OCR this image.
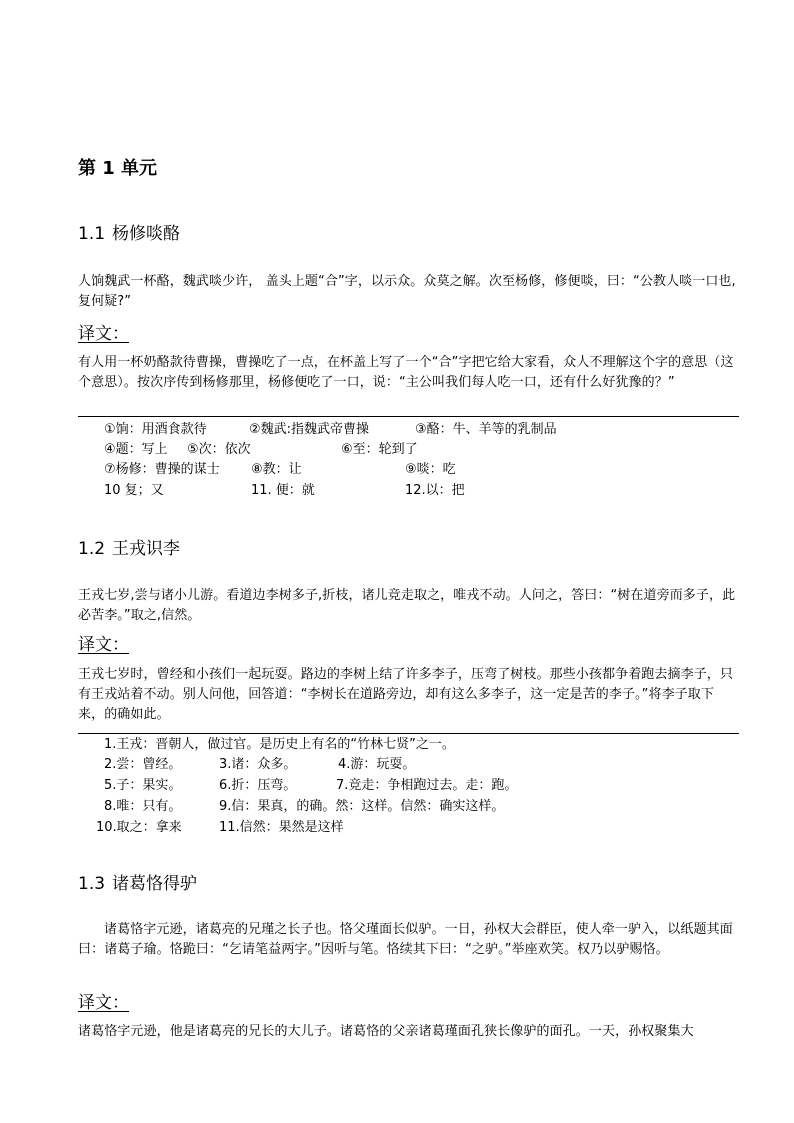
第 1 单元
1.1 杨修啖酪

人饷魏武一杯酪，魏武啖少许， 盖头上题“合”字，以示众。众莫之解。次至杨修，修便啖，曰：“公教人啖一口也,复何疑?”

译文：

有人用一杯奶酪款待曹操，曹操吃了一点，在杯盖上写了一个“合”字把它给大家看，众人不理解这个字的意思（这个意思）。按次序传到杨修那里，杨修便吃了一口，说：“主公叫我们每人吃一口，还有什么好犹豫的？”

①饷：用酒食款待	②魏武:指魏武帝曹操	③酪：牛、羊等的乳制品
④题：写上 ⑤次：依次	⑥至：轮到了
⑦杨修：曹操的谋士 ⑧教：让	⑨啖：吃
10 复；又	11. 便：就	12.以：把
1.2 王戎识李

王戎七岁,尝与诸小儿游。看道边李树多子,折枝，诸儿竞走取之，唯戎不动。人问之，答曰：“树在道旁而多子，此必苦李。”取之,信然。

译文：

王戎七岁时，曾经和小孩们一起玩耍。路边的李树上结了许多李子，压弯了树枝。那些小孩都争着跑去摘李子，只有王戎站着不动。别人问他，回答道：“李树长在道路旁边，却有这么多李子，这一定是苦的李子。”将李子取下来，的确如此。

1.王戎：晋朝人，做过官。是历史上有名的“竹林七贤”之一。
2.尝：曾经。	3.诸：众多。	4.游：玩耍。
5.子：果实。	6.折：压弯。	7.竞走：争相跑过去。走：跑。
8.唯：只有。	9.信：果真，的确。然：这样。信然：确实这样。
10.取之：拿来	11.信然：果然是这样
1.3 诸葛恪得驴

诸葛恪字元逊，诸葛亮的兄瑾之长子也。恪父瑾面长似驴。一日，孙权大会群臣，使人牵一驴入，以纸题其面曰：诸葛子瑜。恪跪曰：“乞请笔益两字。”因听与笔。恪续其下曰：“之驴。”举座欢笑。权乃以驴赐恪。

译文：

诸葛恪字元逊，他是诸葛亮的兄长的大儿子。诸葛恪的父亲诸葛瑾面孔狭长像驴的面孔。一天，孙权聚集大
